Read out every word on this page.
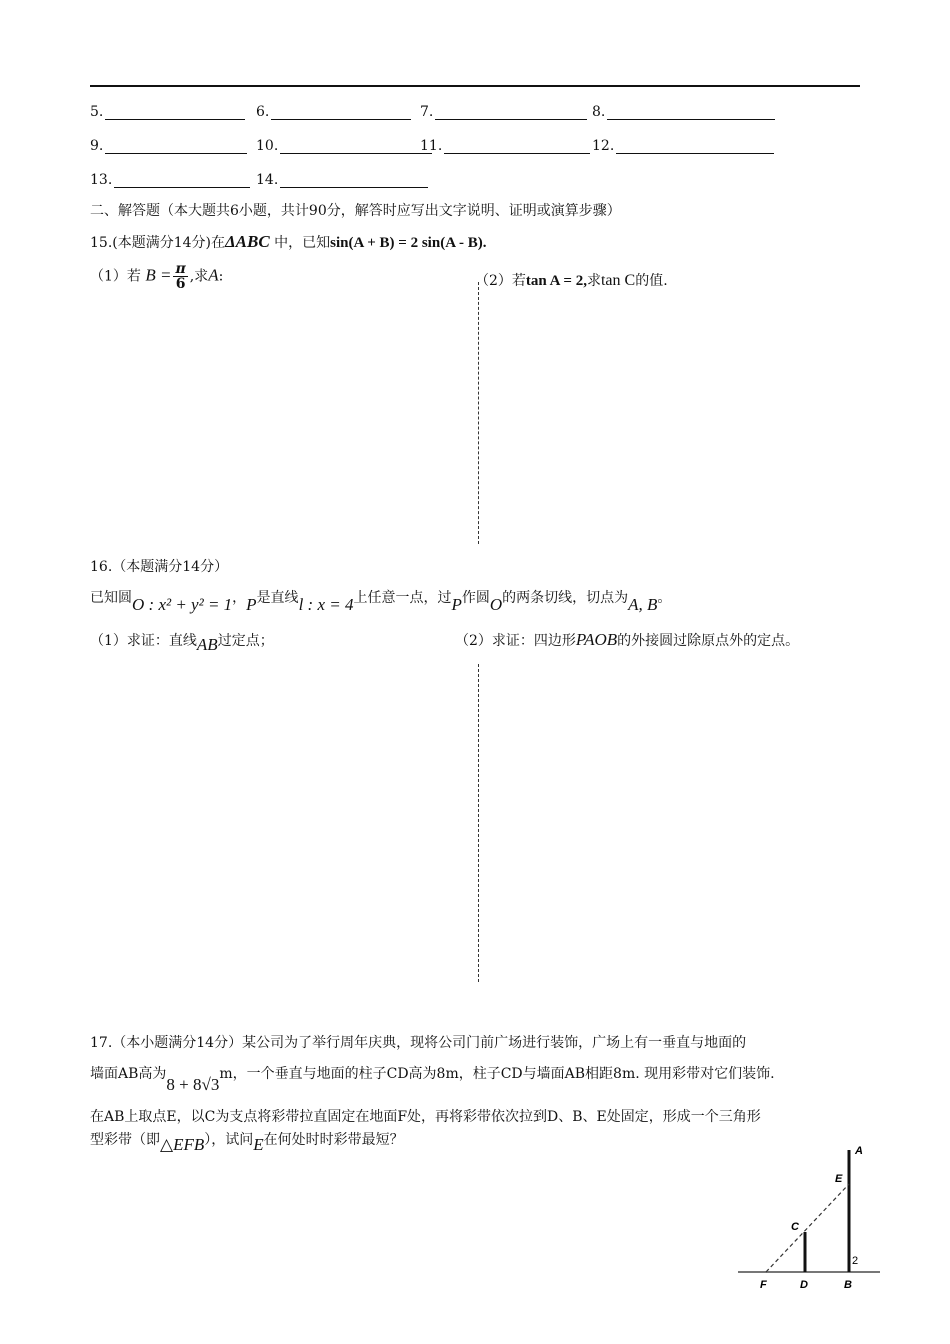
5.	6.	7.	8.
9.	10.	11.	12.
13.	14.
二、解答题（本大题共6小题，共计90分，解答时应写出文字说明、证明或演算步骤）
15.(本题满分14分)在ΔABC 中，已知sin(A + B) = 2 sin(A - B).
（1）若 $B = \frac{\pi}{6}$ ,求A:	（2）若tan A = 2,求tan C的值.
16.（本题满分14分）
已知圆O : x² + y² = 1，P是直线l : x = 4上任意一点，过P作圆O的两条切线，切点为A, B。
（1）求证：直线AB过定点；	（2）求证：四边形PAOB的外接圆过除原点外的定点。
17.（本小题满分14分）某公司为了举行周年庆典，现将公司门前广场进行装饰，广场上有一垂直与地面的
墙面AB高为8 + 8√3m，一个垂直与地面的柱子CD高为8m，柱子CD与墙面AB相距8m. 现用彩带对它们装饰.
在AB上取点E，以C为支点将彩带拉直固定在地面F处，再将彩带依次拉到D、B、E处固定，形成一个三角形
型彩带（即△EFB），试问E在何处时时彩带最短？
A
E
C
2
F	D	B
